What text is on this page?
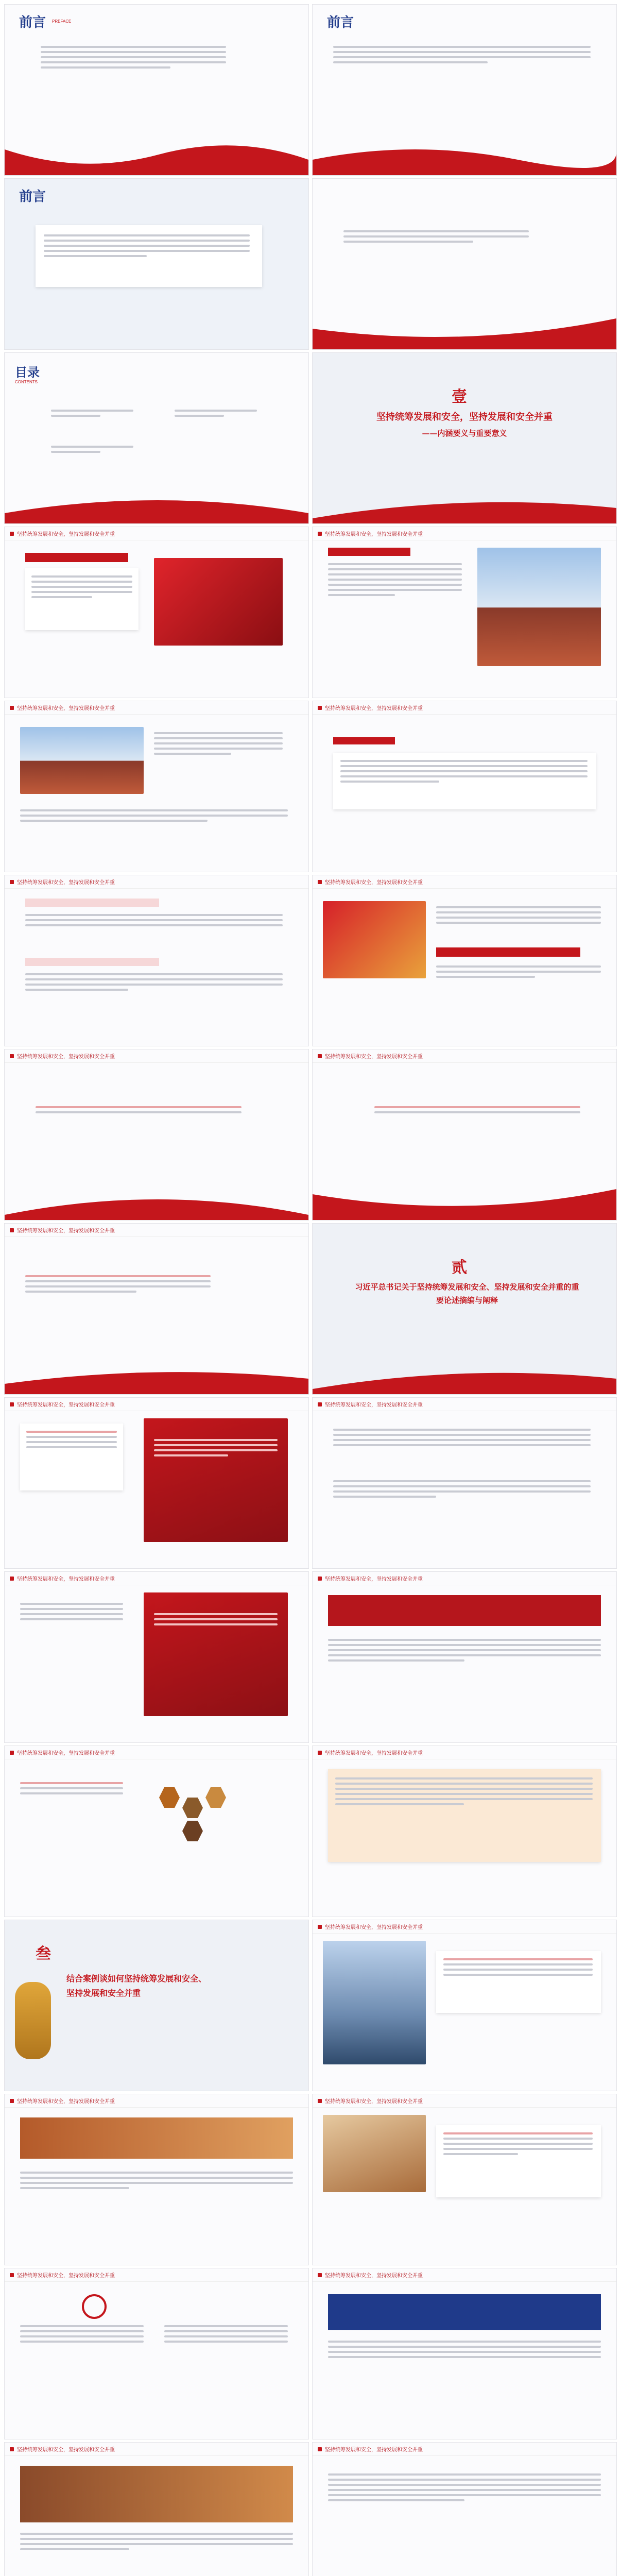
前言 PREFACE	前言
前言
目录
CONTENTS
壹
坚持统筹发展和安全，坚持发展和安全并重
——内涵要义与重要意义
坚持统筹发展和安全，坚持发展和安全并重	坚持统筹发展和安全，坚持发展和安全并重
坚持统筹发展和安全，坚持发展和安全并重	坚持统筹发展和安全，坚持发展和安全并重
坚持统筹发展和安全，坚持发展和安全并重	坚持统筹发展和安全，坚持发展和安全并重
坚持统筹发展和安全，坚持发展和安全并重	坚持统筹发展和安全，坚持发展和安全并重
坚持统筹发展和安全，坚持发展和安全并重
贰
习近平总书记关于坚持统筹发展和安全、坚持发展和安全并重的重要论述摘编与阐释
坚持统筹发展和安全，坚持发展和安全并重	坚持统筹发展和安全，坚持发展和安全并重
坚持统筹发展和安全，坚持发展和安全并重	坚持统筹发展和安全，坚持发展和安全并重
坚持统筹发展和安全，坚持发展和安全并重	坚持统筹发展和安全，坚持发展和安全并重
叁
结合案例谈如何坚持统筹发展和安全、坚持发展和安全并重
坚持统筹发展和安全，坚持发展和安全并重
坚持统筹发展和安全，坚持发展和安全并重	坚持统筹发展和安全，坚持发展和安全并重
坚持统筹发展和安全，坚持发展和安全并重	坚持统筹发展和安全，坚持发展和安全并重
坚持统筹发展和安全，坚持发展和安全并重	坚持统筹发展和安全，坚持发展和安全并重
